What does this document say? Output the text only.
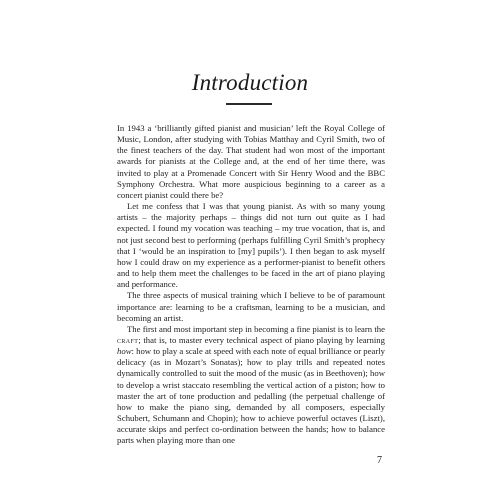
Introduction

In 1943 a ‘brilliantly gifted pianist and musician’ left the Royal College of Music, London, after studying with Tobias Matthay and Cyril Smith, two of the finest teachers of the day. That student had won most of the important awards for pianists at the College and, at the end of her time there, was invited to play at a Promenade Concert with Sir Henry Wood and the BBC Symphony Orchestra. What more auspicious beginning to a career as a concert pianist could there be?

Let me confess that I was that young pianist. As with so many young artists – the majority perhaps – things did not turn out quite as I had expected. I found my vocation was teaching – my true vocation, that is, and not just second best to performing (perhaps fulfilling Cyril Smith’s prophecy that I ‘would be an inspiration to [my] pupils’). I then began to ask myself how I could draw on my experience as a performer-pianist to benefit others and to help them meet the challenges to be faced in the art of piano playing and performance.

The three aspects of musical training which I believe to be of paramount importance are: learning to be a craftsman, learning to be a musician, and becoming an artist.

The first and most important step in becoming a fine pianist is to learn the craft; that is, to master every technical aspect of piano playing by learning how: how to play a scale at speed with each note of equal brilliance or pearly delicacy (as in Mozart’s Sonatas); how to play trills and repeated notes dynamically controlled to suit the mood of the music (as in Beethoven); how to develop a wrist staccato resembling the vertical action of a piston; how to master the art of tone production and pedalling (the perpetual challenge of how to make the piano sing, demanded by all composers, especially Schubert, Schumann and Chopin); how to achieve powerful octaves (Liszt), accurate skips and perfect co-ordination between the hands; how to balance parts when playing more than one

7
